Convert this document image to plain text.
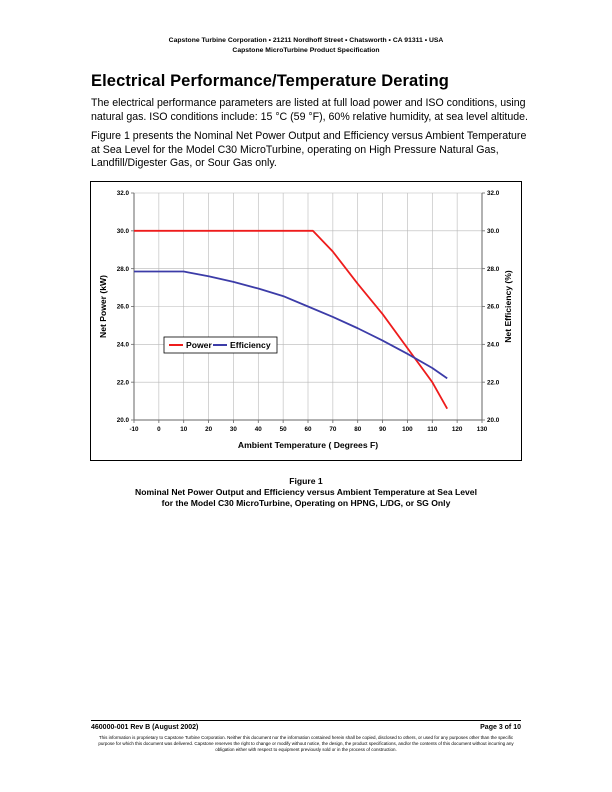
Capstone Turbine Corporation • 21211 Nordhoff Street • Chatsworth • CA 91311 • USA
Capstone MicroTurbine Product Specification
Electrical Performance/Temperature Derating
The electrical performance parameters are listed at full load power and ISO conditions, using natural gas. ISO conditions include: 15 °C (59 °F), 60% relative humidity, at sea level altitude.
Figure 1 presents the Nominal Net Power Output and Efficiency versus Ambient Temperature at Sea Level for the Model C30 MicroTurbine, operating on High Pressure Natural Gas, Landfill/Digester Gas, or Sour Gas only.
-10	0	10	20	30	40	50	60	70	80	90	100 110 120 130
20.0	20.0
22.0	22.0
24.0	24.0
26.0	26.0
28.0	28.0
30.0	30.0
32.0	32.0
Ambient Temperature ( Degrees F)
Net Power (kW)	Net Efficiency (%)
Power Efficiency
Figure 1
Nominal Net Power Output and Efficiency versus Ambient Temperature at Sea Level
for the Model C30 MicroTurbine, Operating on HPNG, L/DG, or SG Only
460000-001 Rev B (August 2002)	Page 3 of 10
This information is proprietary to Capstone Turbine Corporation. Neither this document nor the information contained herein shall be copied, disclosed to others, or used for any purposes other than the specific purpose for which this document was delivered. Capstone reserves the right to change or modify without notice, the design, the product specifications, and/or the contents of this document without incurring any obligation either with respect to equipment previously sold or in the process of construction.
